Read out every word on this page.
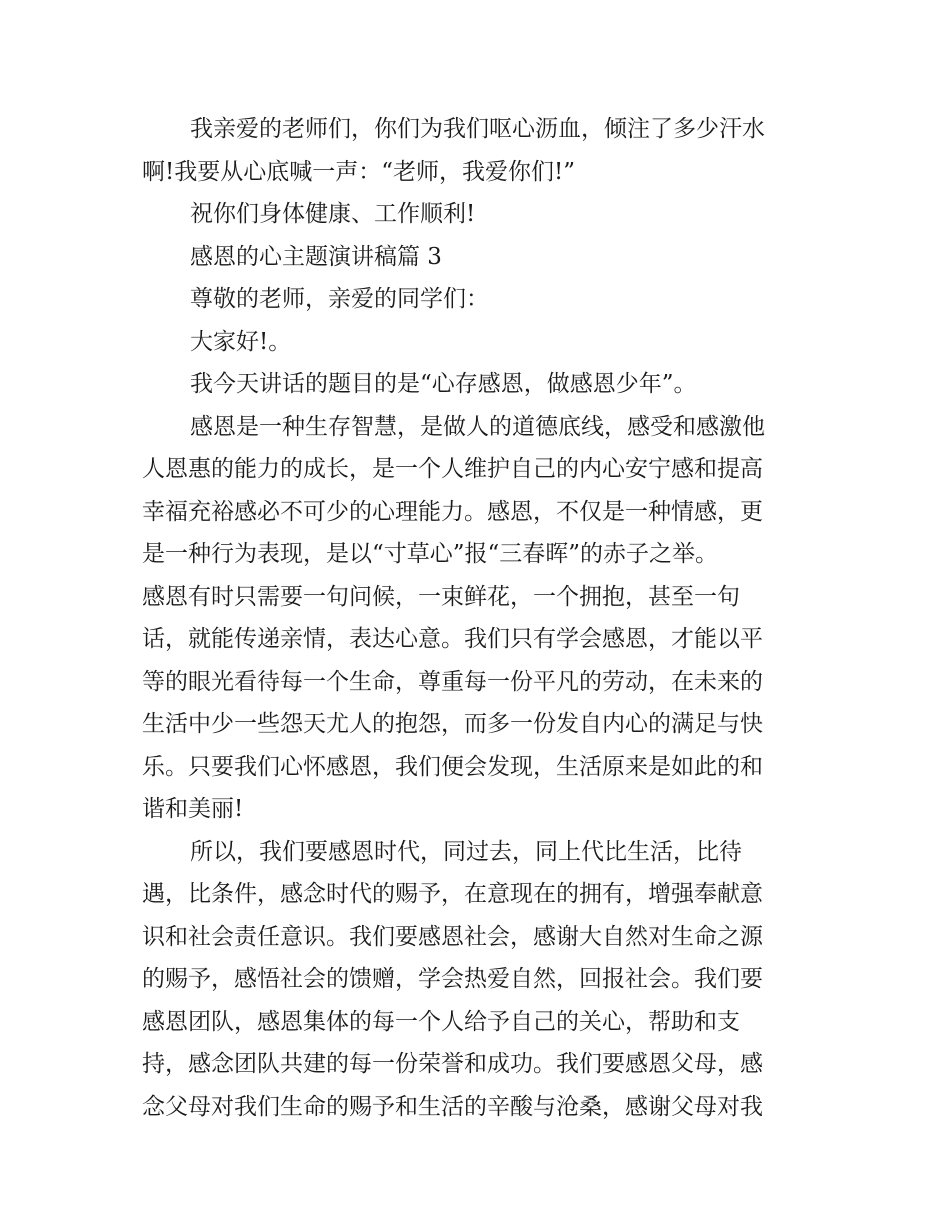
我亲爱的老师们，你们为我们呕心沥血，倾注了多少汗水
啊!我要从心底喊一声：“老师，我爱你们!”
祝你们身体健康、工作顺利!
感恩的心主题演讲稿篇 3
尊敬的老师，亲爱的同学们：
大家好!。
我今天讲话的题目的是“心存感恩，做感恩少年”。
感恩是一种生存智慧，是做人的道德底线，感受和感激他
人恩惠的能力的成长，是一个人维护自己的内心安宁感和提高
幸福充裕感必不可少的心理能力。感恩，不仅是一种情感，更
是一种行为表现，是以“寸草心”报“三春晖”的赤子之举。
感恩有时只需要一句问候，一束鲜花，一个拥抱，甚至一句
话，就能传递亲情，表达心意。我们只有学会感恩，才能以平
等的眼光看待每一个生命，尊重每一份平凡的劳动，在未来的
生活中少一些怨天尤人的抱怨，而多一份发自内心的满足与快
乐。只要我们心怀感恩，我们便会发现，生活原来是如此的和
谐和美丽!
所以，我们要感恩时代，同过去，同上代比生活，比待
遇，比条件，感念时代的赐予，在意现在的拥有，增强奉献意
识和社会责任意识。我们要感恩社会，感谢大自然对生命之源
的赐予，感悟社会的馈赠，学会热爱自然，回报社会。我们要
感恩团队，感恩集体的每一个人给予自己的关心，帮助和支
持，感念团队共建的每一份荣誉和成功。我们要感恩父母，感
念父母对我们生命的赐予和生活的辛酸与沧桑，感谢父母对我
